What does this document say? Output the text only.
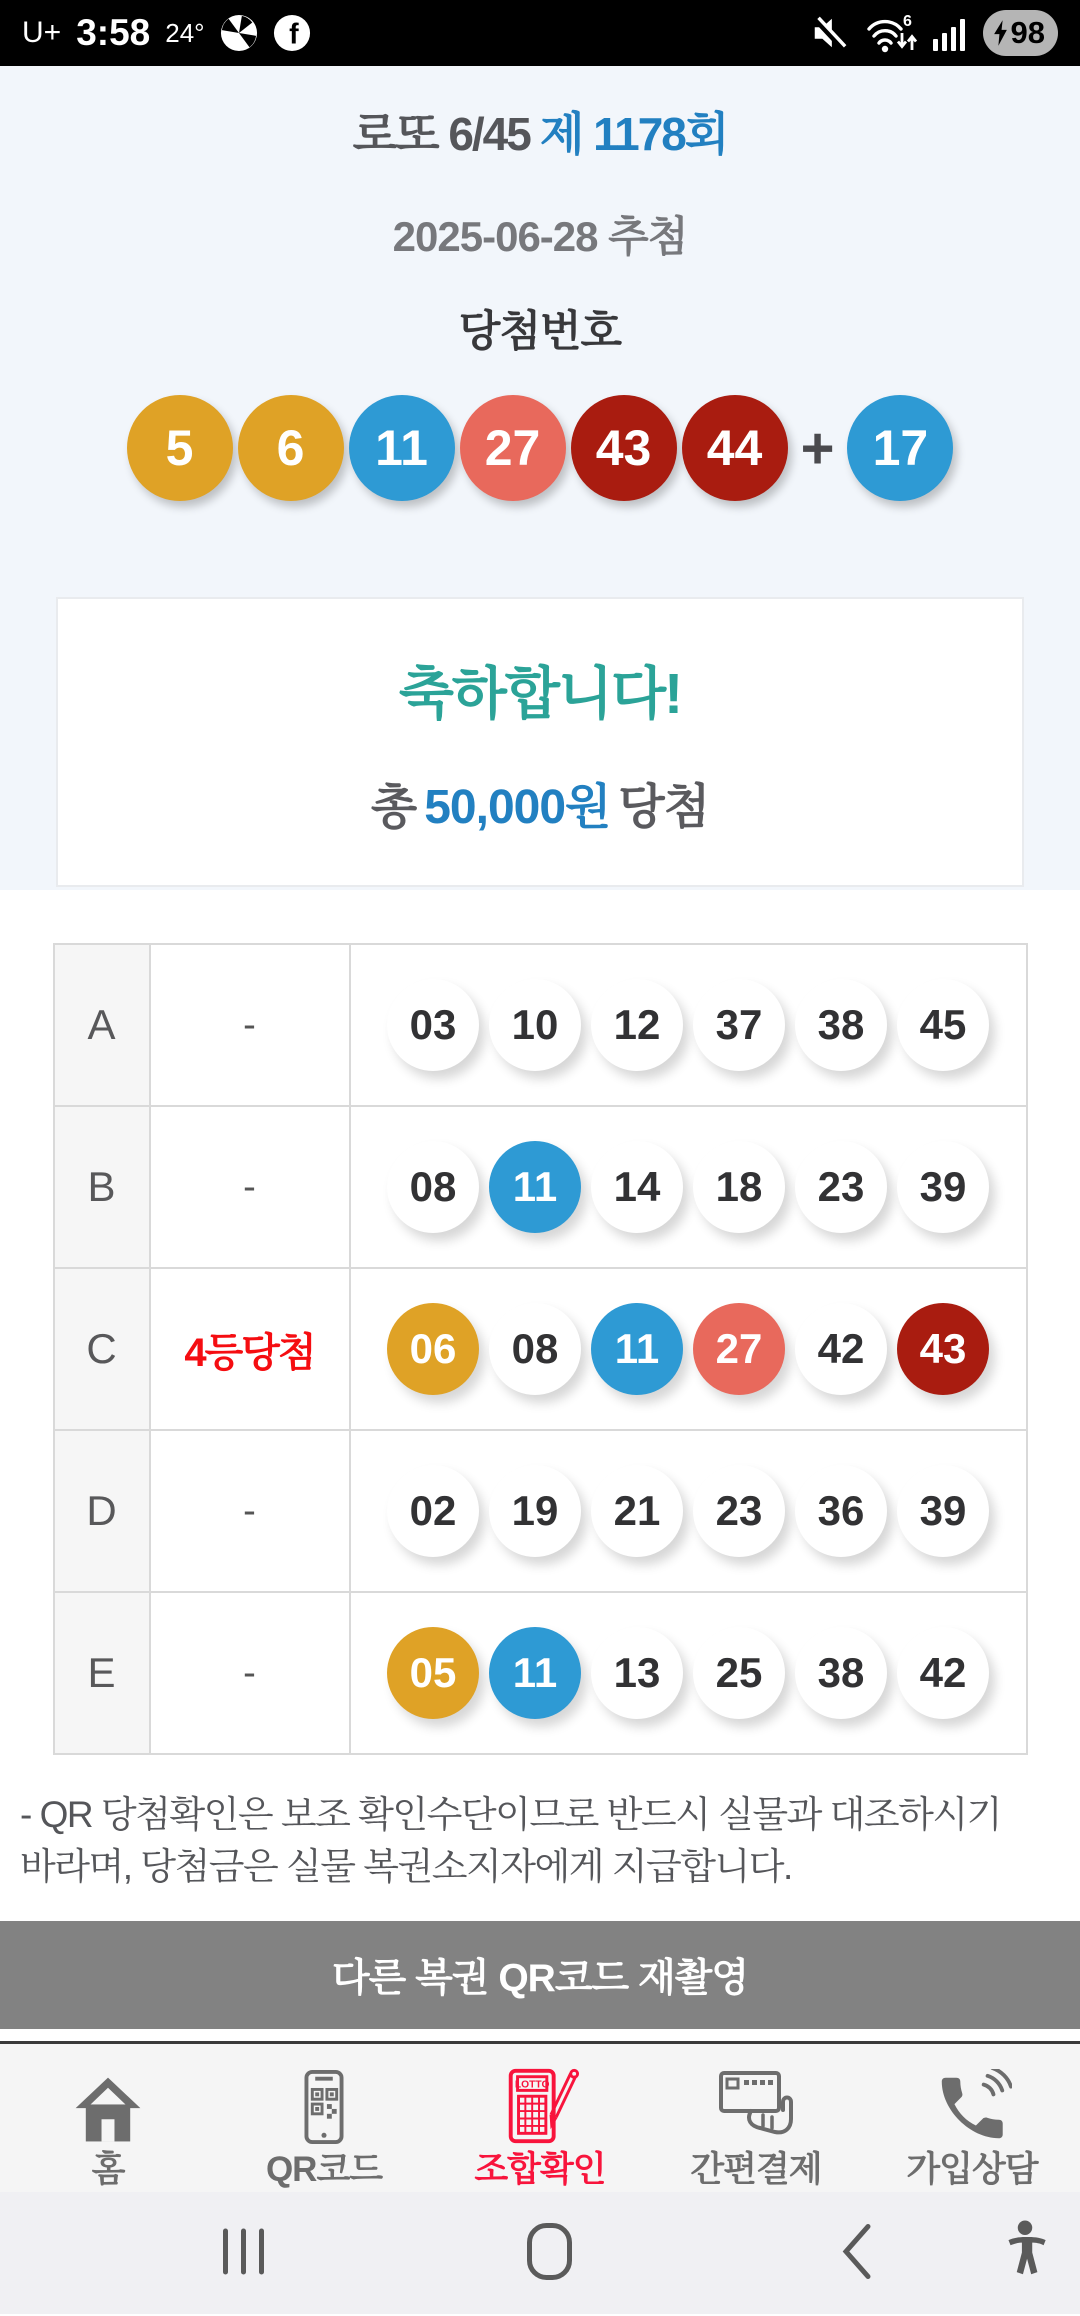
U+ 3:58 24°	f	6	98
로또 6/45 제 1178회
2025-06-28 추첨
당첨번호
5	6	11	27	43	44 + 17
축하합니다!
총 50,000원 당첨
A	-	03	10	12	37	38	45

B	-	08	11	14	18	23	39

C	4등당첨	06	08	11	27	42	43

D	-	02	19	21	23	36	39

E	-	05	11	13	25	38	42
- QR 당첨확인은 보조 확인수단이므로 반드시 실물과 대조하시기 바라며, 당첨금은 실물 복권소지자에게 지급합니다.
다른 복권 QR코드 재촬영
홈	QR코드
LOTTO
조합확인 간편결제 가입상담
